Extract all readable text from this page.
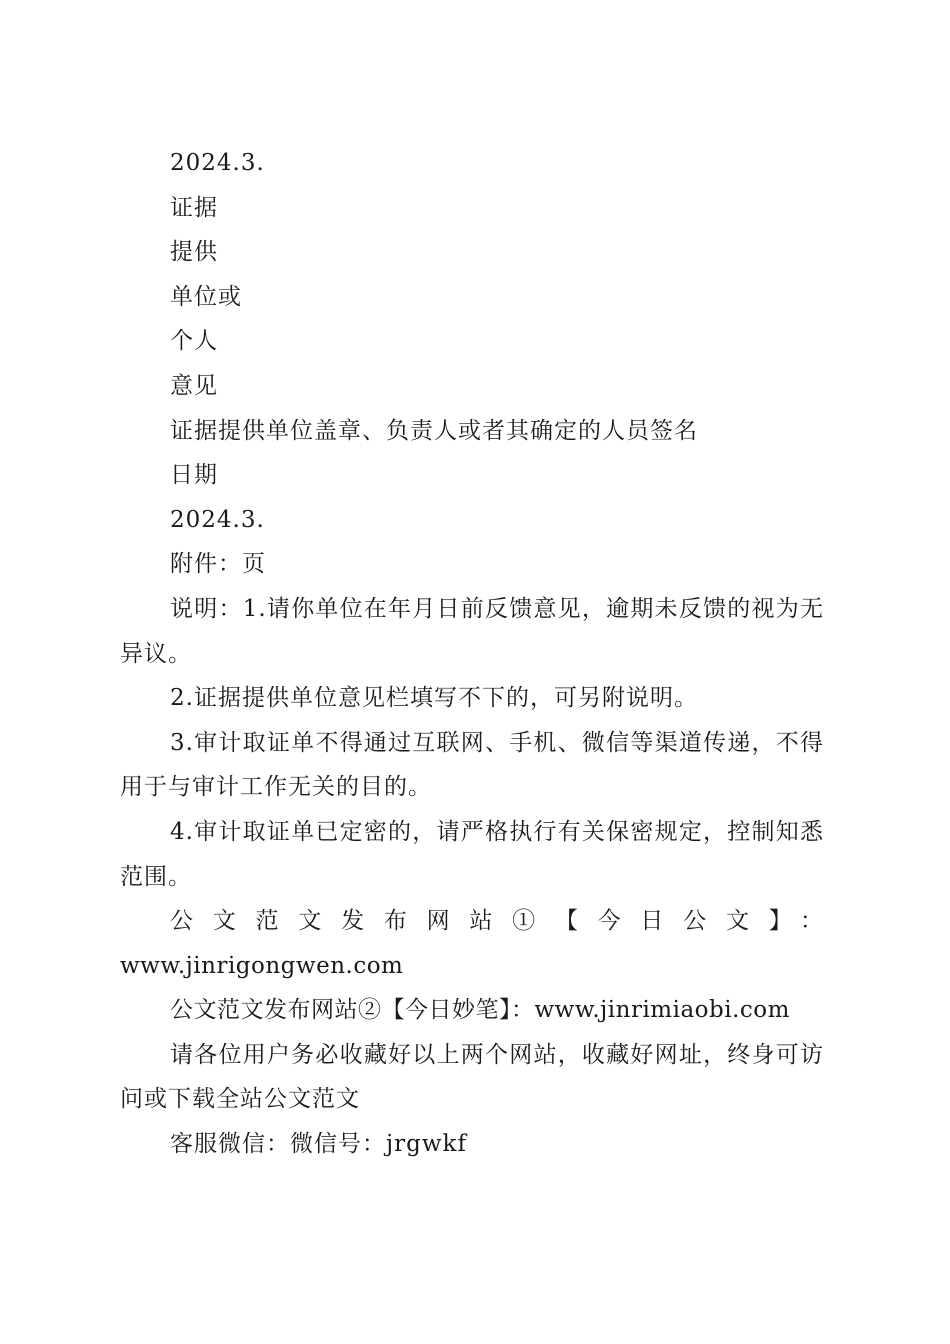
2024.3.

证据

提供

单位或

个人

意见

证据提供单位盖章、负责人或者其确定的人员签名

日期

2024.3.

附件：页

说明：1.请你单位在年月日前反馈意见，逾期未反馈的视为无异议。

2.证据提供单位意见栏填写不下的，可另附说明。

3.审计取证单不得通过互联网、手机、微信等渠道传递，不得用于与审计工作无关的目的。

4.审计取证单已定密的，请严格执行有关保密规定，控制知悉范围。

公文范文发布网站①【今日公文】：

www.jinrigongwen.com

公文范文发布网站②【今日妙笔】：www.jinrimiaobi.com

请各位用户务必收藏好以上两个网站，收藏好网址，终身可访问或下载全站公文范文

客服微信：微信号：jrgwkf
